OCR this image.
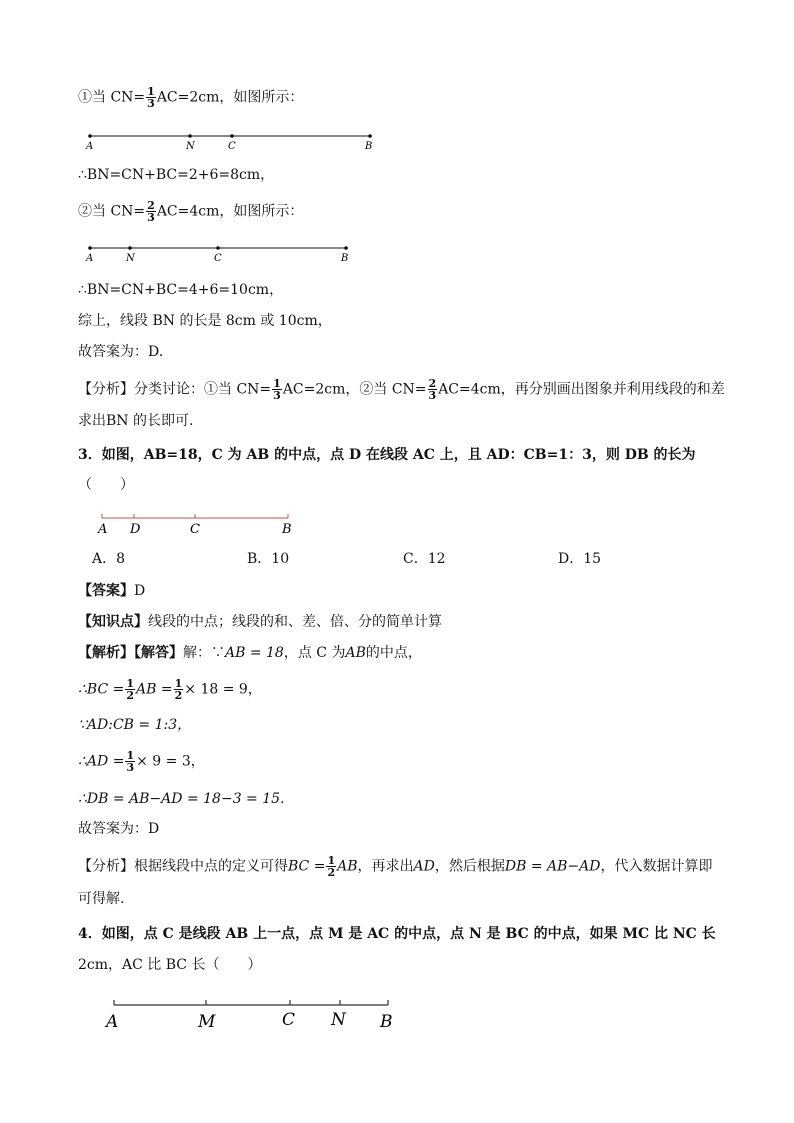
①当 $CN= \frac{1}{3} AC=2cm$，如图所示：
A	N	C	B
∴BN=CN+BC=2+6=8cm，
②当 $CN= \frac{2}{3} AC=4cm$，如图所示：
A	N	C	B
∴BN=CN+BC=4+6=10cm，
综上，线段 BN 的长是 8cm 或 10cm，
故答案为：D.
【分析】分类讨论：①当 $CN= \frac{1}{3} AC=2cm$，②当 $CN= \frac{2}{3} AC=4cm$，再分别画出图象并利用线段的和差
求出BN 的长即可.
3．如图，AB=18，C 为 AB 的中点，点 D 在线段 AC 上，且 AD：CB=1：3，则 DB 的长为
（　　）
A D	C	B
A．8	B．10	C．12	D．15
【答案】D
【知识点】线段的中点；线段的和、差、倍、分的简单计算
【解析】【解答】解：∵AB = 18，点 C 为AB的中点，
∴BC = $\frac{1}{2}$ AB = $\frac{1}{2} \times 18 = 9$，
∵AD:CB = 1:3，
∴AD = $\frac{1}{3} \times 9 = 3$，
∴DB = AB−AD = 18−3 = 15.
故答案为：D
【分析】根据线段中点的定义可得BC = $\frac{1}{2}$ AB，再求出AD，然后根据DB = AB−AD，代入数据计算即
可得解.
4．如图，点 C 是线段 AB 上一点，点 M 是 AC 的中点，点 N 是 BC 的中点，如果 MC 比 NC 长
2cm，AC 比 BC 长（　　）
A	M	C N B
